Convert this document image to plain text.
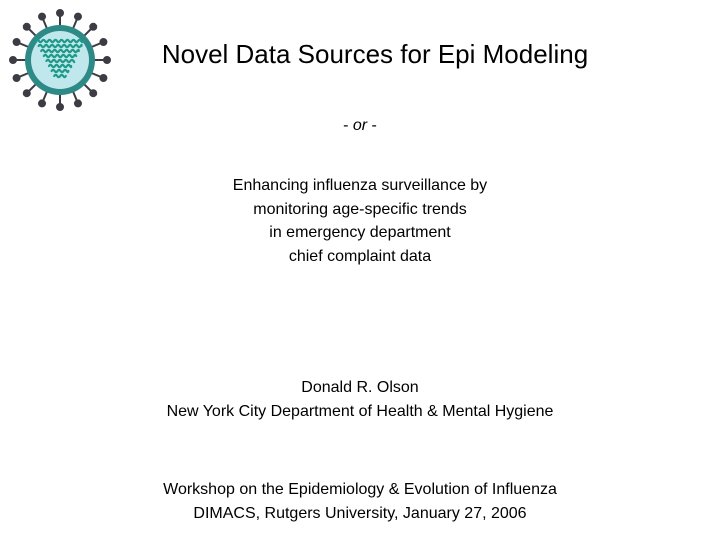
Novel Data Sources for Epi Modeling
- or -
Enhancing influenza surveillance by
monitoring age-specific trends
in emergency department
chief complaint data
Donald R. Olson
New York City Department of Health & Mental Hygiene
Workshop on the Epidemiology & Evolution of Influenza
DIMACS, Rutgers University, January 27, 2006
